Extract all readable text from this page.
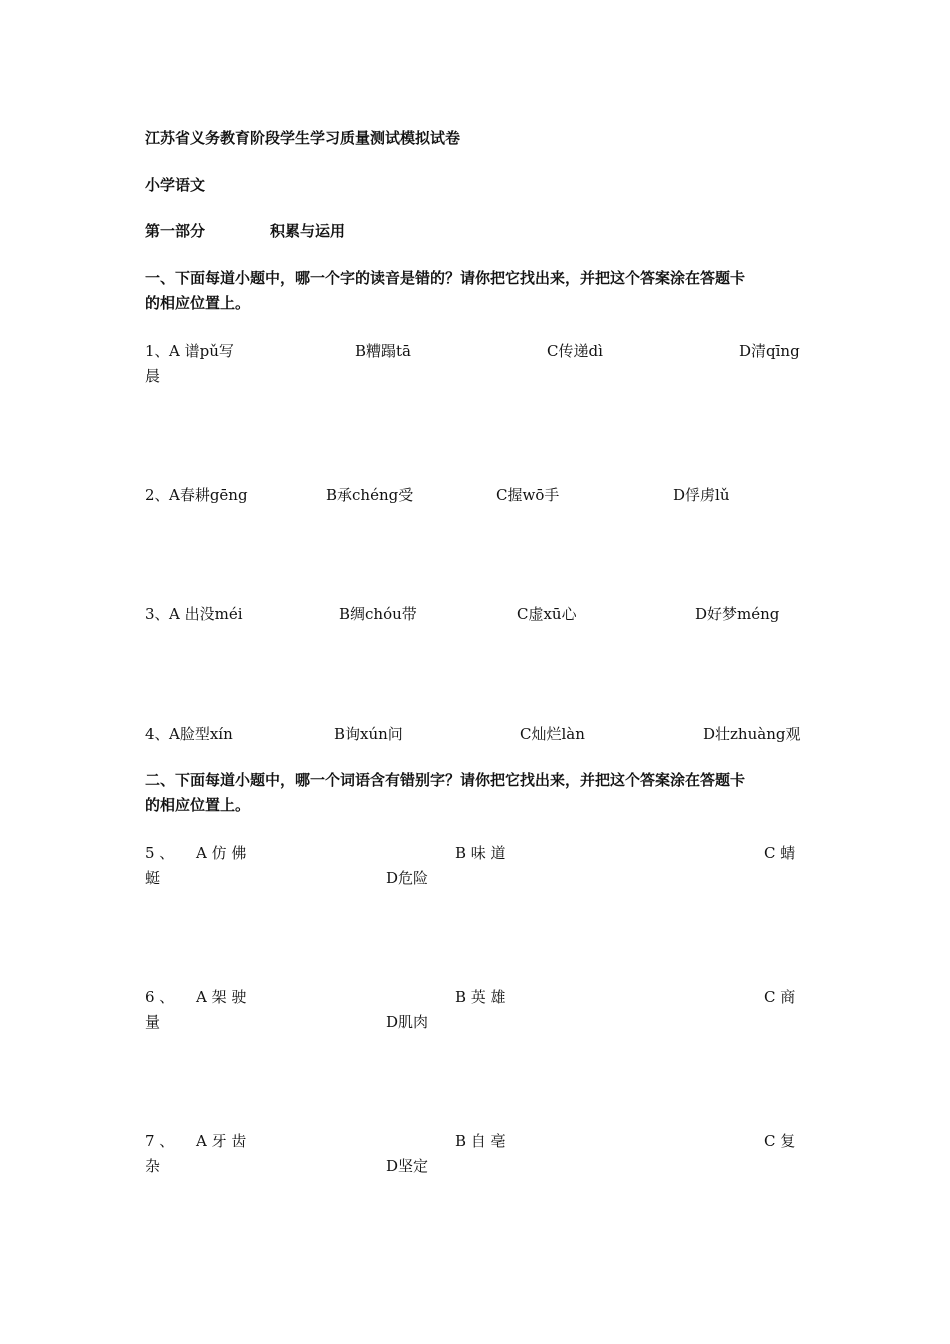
江苏省义务教育阶段学生学习质量测试模拟试卷
小学语文
第一部分	积累与运用
一、下面每道小题中，哪一个字的读音是错的？请你把它找出来，并把这个答案涂在答题卡
的相应位置上。
1、 A 谱pǔ写	B糟蹋tā	C传递dì	D清qīng
晨
2、 A春耕gēng	B承chéng受	C握wō手	D俘虏lǔ
3、 A 出没méi	B绸chóu带	C虚xū心	D好梦méng
4、 A脸型xín	B询xún问	C灿烂làn	D壮zhuàng观
二、下面每道小题中，哪一个词语含有错别字？请你把它找出来，并把这个答案涂在答题卡
的相应位置上。
5 、 A 仿 佛	B 味 道	C 蜻
蜓	D危险
6 、 A 架 驶	B 英 雄	C 商
量	D肌肉
7 、 A 牙 齿	B 自 亳	C 复
杂	D坚定
